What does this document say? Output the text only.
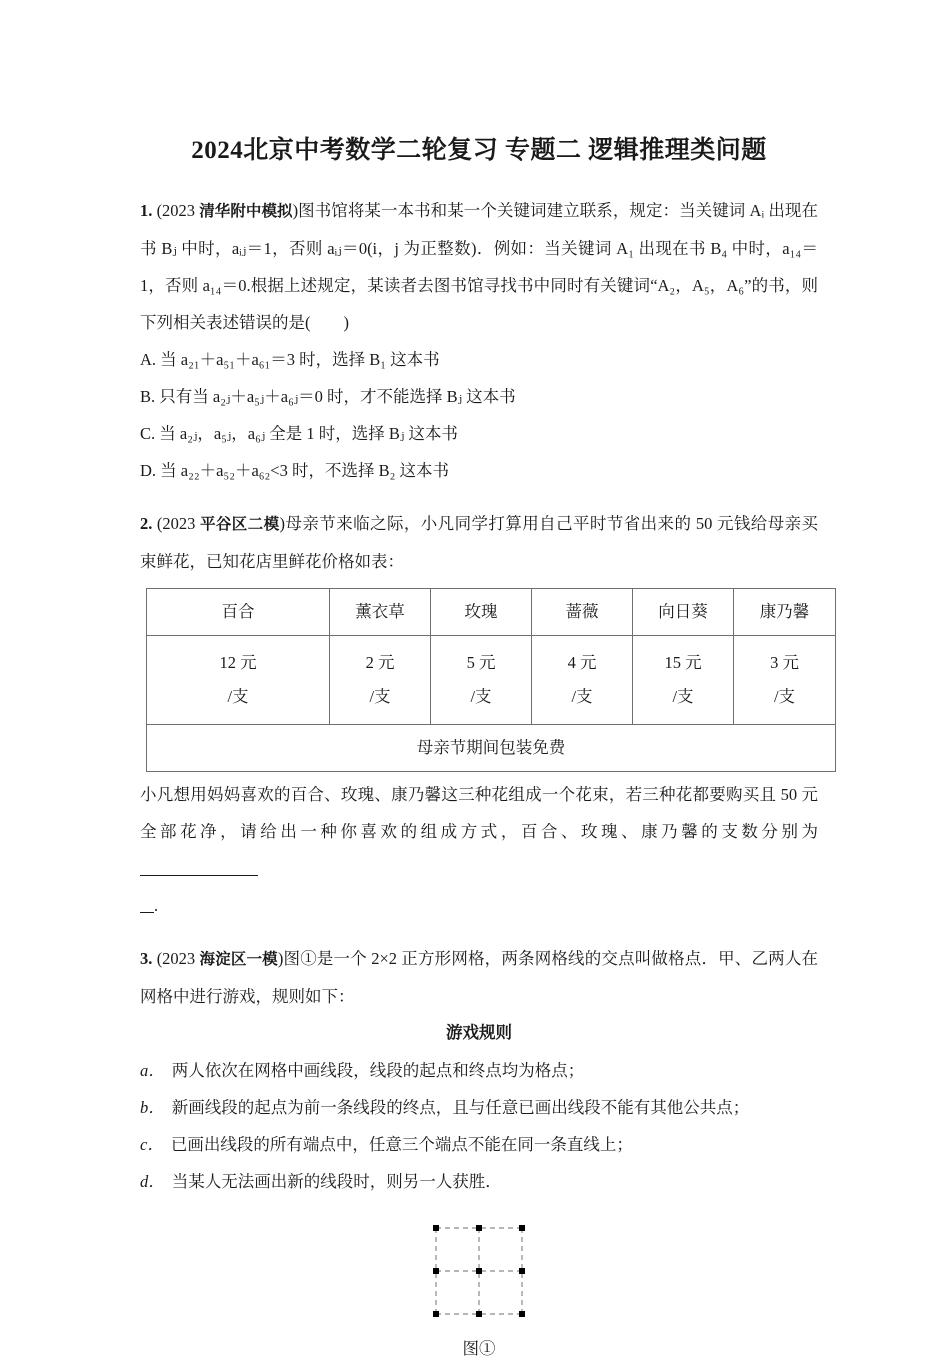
2024北京中考数学二轮复习 专题二 逻辑推理类问题

1. (2023 清华附中模拟)图书馆将某一本书和某一个关键词建立联系，规定：当关键词 Aᵢ 出现在书 Bⱼ 中时，aᵢⱼ＝1，否则 aᵢⱼ＝0(i，j 为正整数)．例如：当关键词 A₁ 出现在书 B₄ 中时，a₁₄＝1，否则 a₁₄＝0.根据上述规定，某读者去图书馆寻找书中同时有关键词“A₂，A₅，A₆”的书，则下列相关表述错误的是(　　)

A. 当 a₂₁＋a₅₁＋a₆₁＝3 时，选择 B₁ 这本书

B. 只有当 a₂ⱼ＋a₅ⱼ＋a₆ⱼ＝0 时，才不能选择 Bⱼ 这本书

C. 当 a₂ⱼ，a₅ⱼ，a₆ⱼ 全是 1 时，选择 Bⱼ 这本书

D. 当 a₂₂＋a₅₂＋a₆₂<3 时，不选择 B₂ 这本书

2. (2023 平谷区二模)母亲节来临之际，小凡同学打算用自己平时节省出来的 50 元钱给母亲买束鲜花，已知花店里鲜花价格如表：

百合	薰衣草	玫瑰	蔷薇	向日葵	康乃馨

12 元
/支	2 元
/支	5 元
/支	4 元
/支	15 元
/支	3 元
/支

母亲节期间包装免费					

小凡想用妈妈喜欢的百合、玫瑰、康乃馨这三种花组成一个花束，若三种花都要购买且 50 元全部花净，请给出一种你喜欢的组成方式，百合、玫瑰、康乃馨的支数分别为

.

3. (2023 海淀区一模)图①是一个 2×2 正方形网格，两条网格线的交点叫做格点．甲、乙两人在网格中进行游戏，规则如下：

游戏规则

a． 两人依次在网格中画线段，线段的起点和终点均为格点；

b． 新画线段的起点为前一条线段的终点，且与任意已画出线段不能有其他公共点；

c． 已画出线段的所有端点中，任意三个端点不能在同一条直线上；

d． 当某人无法画出新的线段时，则另一人获胜．

图①
